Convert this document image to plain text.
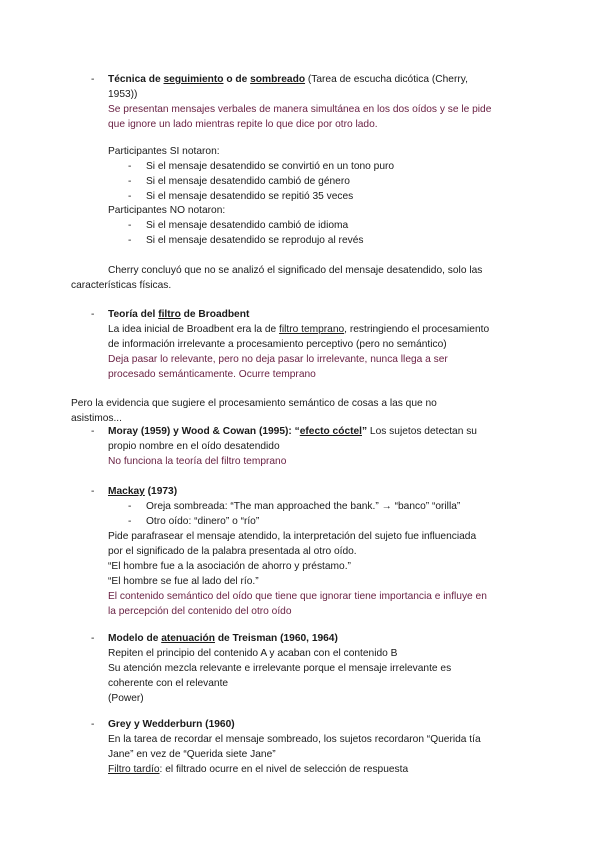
- Técnica de seguimiento o de sombreado (Tarea de escucha dicótica (Cherry,
1953))
Se presentan mensajes verbales de manera simultánea en los dos oídos y se le pide
que ignore un lado mientras repite lo que dice por otro lado.
Participantes SI notaron:
- Si el mensaje desatendido se convirtió en un tono puro
- Si el mensaje desatendido cambió de género
- Si el mensaje desatendido se repitió 35 veces
Participantes NO notaron:
- Si el mensaje desatendido cambió de idioma
- Si el mensaje desatendido se reprodujo al revés
Cherry concluyó que no se analizó el significado del mensaje desatendido, solo las
características físicas.
- Teoría del filtro de Broadbent
La idea inicial de Broadbent era la de filtro temprano, restringiendo el procesamiento
de información irrelevante a procesamiento perceptivo (pero no semántico)
Deja pasar lo relevante, pero no deja pasar lo irrelevante, nunca llega a ser
procesado semánticamente. Ocurre temprano
Pero la evidencia que sugiere el procesamiento semántico de cosas a las que no
asistimos...
- Moray (1959) y Wood & Cowan (1995): “efecto cóctel” Los sujetos detectan su
propio nombre en el oído desatendido
No funciona la teoría del filtro temprano
- Mackay (1973)
- Oreja sombreada: “The man approached the bank.” → “banco” “orilla”
- Otro oído: “dinero” o “río”
Pide parafrasear el mensaje atendido, la interpretación del sujeto fue influenciada
por el significado de la palabra presentada al otro oído.
“El hombre fue a la asociación de ahorro y préstamo.”
“El hombre se fue al lado del río.”
El contenido semántico del oído que tiene que ignorar tiene importancia e influye en
la percepción del contenido del otro oído
- Modelo de atenuación de Treisman (1960, 1964)
Repiten el principio del contenido A y acaban con el contenido B
Su atención mezcla relevante e irrelevante porque el mensaje irrelevante es
coherente con el relevante
(Power)
- Grey y Wedderburn (1960)
En la tarea de recordar el mensaje sombreado, los sujetos recordaron “Querida tía
Jane” en vez de “Querida siete Jane”
Filtro tardío: el filtrado ocurre en el nivel de selección de respuesta
